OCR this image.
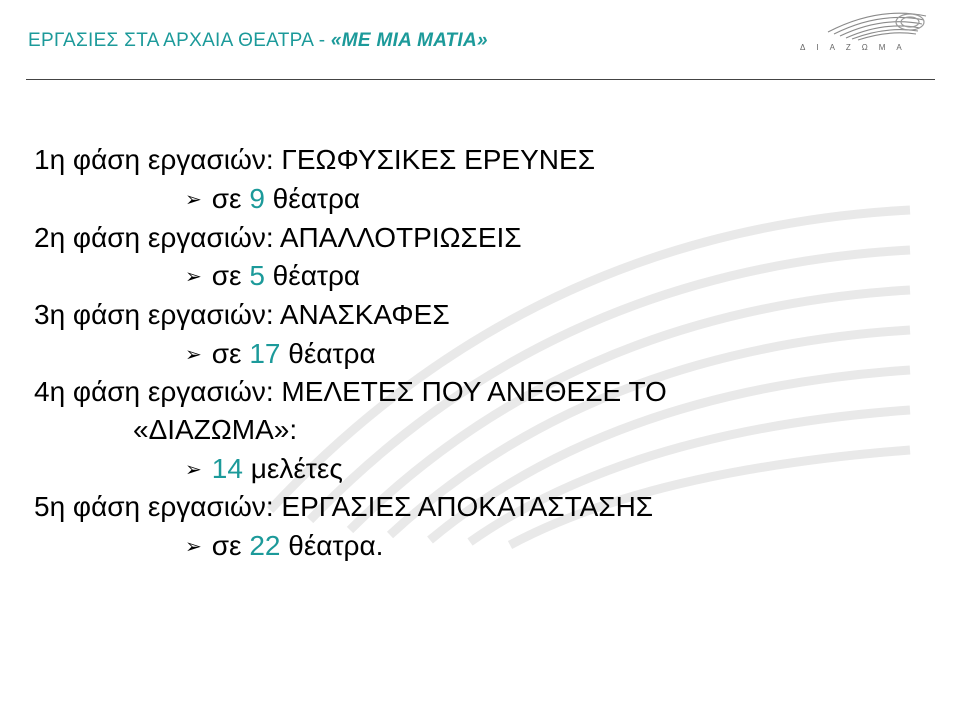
ΕΡΓΑΣΙΕΣ ΣΤΑ ΑΡΧΑΙΑ ΘΕΑΤΡΑ - «ΜΕ ΜΙΑ ΜΑΤΙΑ»	ΔΙΑΖΩΜΑ
1η φάση εργασιών: ΓΕΩΦΥΣΙΚΕΣ ΕΡΕΥΝΕΣ
➢ σε 9 θέατρα
2η φάση εργασιών: ΑΠΑΛΛΟΤΡΙΩΣΕΙΣ
➢ σε 5 θέατρα
3η φάση εργασιών: ΑΝΑΣΚΑΦΕΣ
➢ σε 17 θέατρα
4η φάση εργασιών: ΜΕΛΕΤΕΣ ΠΟΥ ΑΝΕΘΕΣΕ ΤΟ
«ΔΙΑΖΩΜΑ»:
➢ 14 μελέτες
5η φάση εργασιών: ΕΡΓΑΣΙΕΣ ΑΠΟΚΑΤΑΣΤΑΣΗΣ
➢ σε 22 θέατρα.
